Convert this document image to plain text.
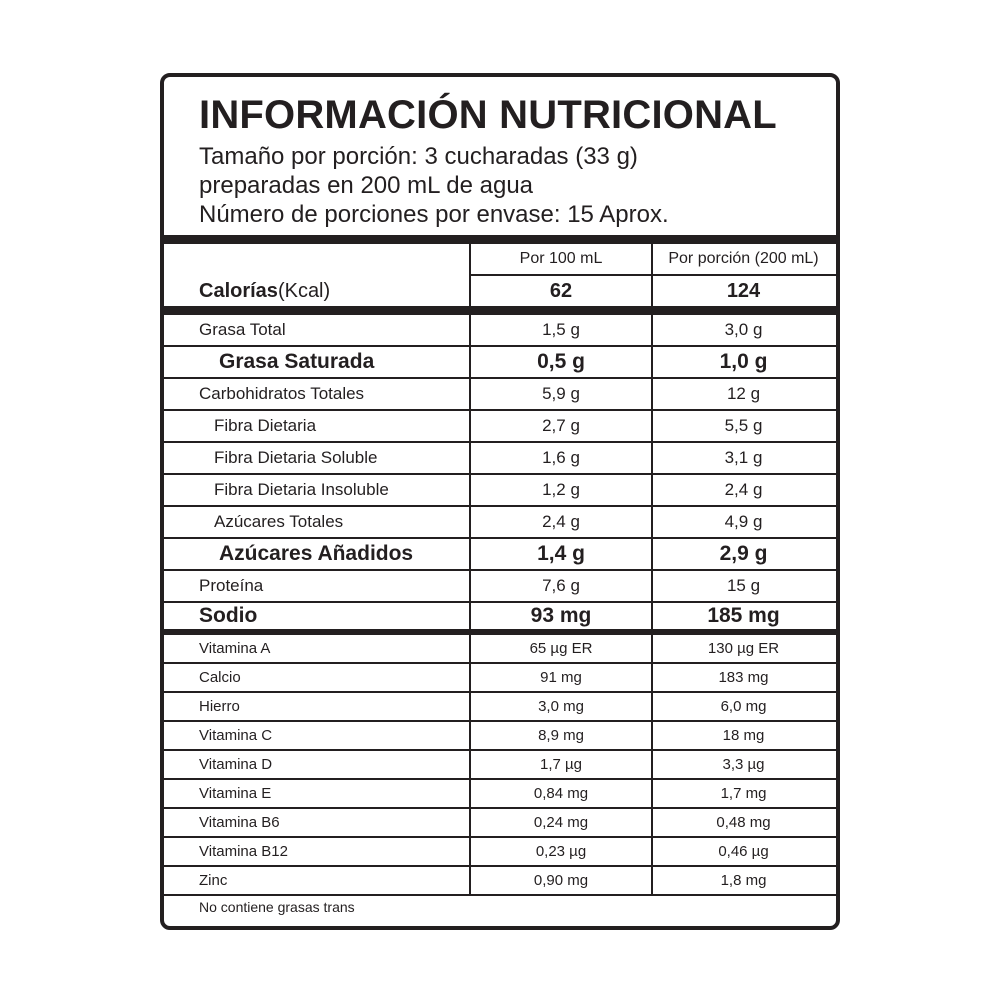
INFORMACIÓN NUTRICIONAL
Tamaño por porción: 3 cucharadas (33 g)
preparadas en 200 mL de agua
Número de porciones por envase: 15 Aprox.
Por 100 mL	Por porción (200 mL)
Calorías (Kcal)	62	124
Grasa Total	1,5 g	3,0 g
Grasa Saturada	0,5 g	1,0 g
Carbohidratos Totales	5,9 g	12 g
Fibra Dietaria	2,7 g	5,5 g
Fibra Dietaria Soluble	1,6 g	3,1 g
Fibra Dietaria Insoluble	1,2 g	2,4 g
Azúcares Totales	2,4 g	4,9 g
Azúcares Añadidos	1,4 g	2,9 g
Proteína	7,6 g	15 g
Sodio	93 mg	185 mg
Vitamina A	65 µg ER	130 µg ER
Calcio	91 mg	183 mg
Hierro	3,0 mg	6,0 mg
Vitamina C	8,9 mg	18 mg
Vitamina D	1,7 µg	3,3 µg
Vitamina E	0,84 mg	1,7 mg
Vitamina B6	0,24 mg	0,48 mg
Vitamina B12	0,23 µg	0,46 µg
Zinc	0,90 mg	1,8 mg
No contiene grasas trans
